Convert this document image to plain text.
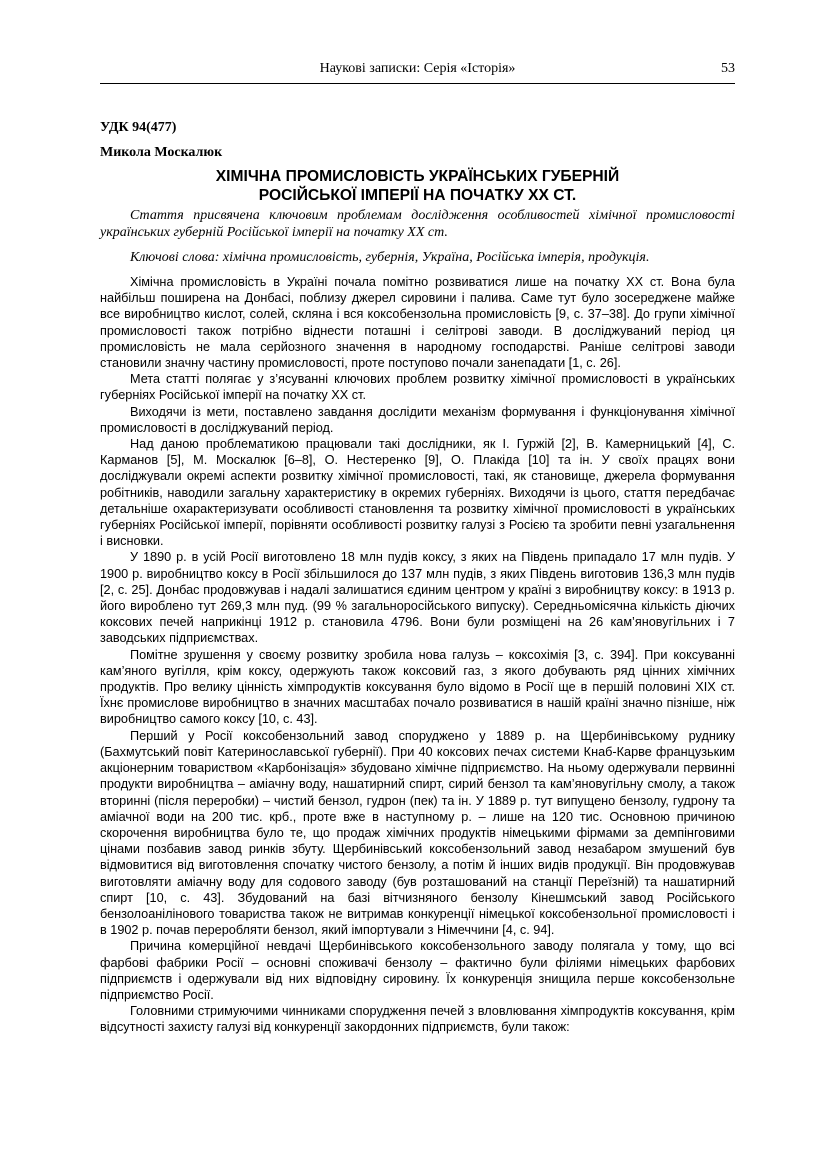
Наукові записки: Серія «Історія»	53
УДК 94(477)
Микола Москалюк
ХІМІЧНА ПРОМИСЛОВІСТЬ УКРАЇНСЬКИХ ГУБЕРНІЙ
РОСІЙСЬКОЇ ІМПЕРІЇ НА ПОЧАТКУ ХХ СТ.

Стаття присвячена ключовим проблемам дослідження особливостей хімічної промисловості українських губерній Російської імперії на початку ХХ ст.

Ключові слова: хімічна промисловість, губернія, Україна, Російська імперія, продукція.

Хімічна промисловість в Україні почала помітно розвиватися лише на початку ХХ ст. Вона була найбільш поширена на Донбасі, поблизу джерел сировини і палива. Саме тут було зосереджене майже все виробництво кислот, солей, скляна і вся коксобензольна промисловість [9, с. 37–38]. До групи хімічної промисловості також потрібно віднести поташні і селітрові заводи. В досліджуваний період ця промисловість не мала серйозного значення в народному господарстві. Раніше селітрові заводи становили значну частину промисловості, проте поступово почали занепадати [1, с. 26].

Мета статті полягає у з’ясуванні ключових проблем розвитку хімічної промисловості в українських губерніях Російської імперії на початку ХХ ст.

Виходячи із мети, поставлено завдання дослідити механізм формування і функціонування хімічної промисловості в досліджуваний період.

Над даною проблематикою працювали такі дослідники, як І. Гуржій [2], В. Камерницький [4], С. Карманов [5], М. Москалюк [6–8], О. Нестеренко [9], О. Плакіда [10] та ін. У своїх працях вони досліджували окремі аспекти розвитку хімічної промисловості, такі, як становище, джерела формування робітників, наводили загальну характеристику в окремих губерніях. Виходячи із цього, стаття передбачає детальніше охарактеризувати особливості становлення та розвитку хімічної промисловості в українських губерніях Російської імперії, порівняти особливості розвитку галузі з Росією та зробити певні узагальнення і висновки.

У 1890 р. в усій Росії виготовлено 18 млн пудів коксу, з яких на Південь припадало 17 млн пудів. У 1900 р. виробництво коксу в Росії збільшилося до 137 млн пудів, з яких Південь виготовив 136,3 млн пудів [2, с. 25]. Донбас продовжував і надалі залишатися єдиним центром у країні з виробництву коксу: в 1913 р. його вироблено тут 269,3 млн пуд. (99 % загальноросійського випуску). Середньомісячна кількість діючих коксових печей наприкінці 1912 р. становила 4796. Вони були розміщені на 26 кам’яновугільних і 7 заводських підприємствах.

Помітне зрушення у своєму розвитку зробила нова галузь – коксохімія [3, с. 394]. При коксуванні кам’яного вугілля, крім коксу, одержують також коксовий газ, з якого добувають ряд цінних хімічних продуктів. Про велику цінність хімпродуктів коксування було відомо в Росії ще в першій половині ХІХ ст. Їхнє промислове виробництво в значних масштабах почало розвиватися в нашій країні значно пізніше, ніж виробництво самого коксу [10, с. 43].

Перший у Росії коксобензольний завод споруджено у 1889 р. на Щербинівському руднику (Бахмутський повіт Катеринославської губернії). При 40 коксових печах системи Кнаб-Карве французьким акціонерним товариством «Карбонізація» збудовано хімічне підприємство. На ньому одержували первинні продукти виробництва – аміачну воду, нашатирний спирт, сирий бензол та кам’яновугільну смолу, а також вторинні (після переробки) – чистий бензол, гудрон (пек) та ін. У 1889 р. тут випущено бензолу, гудрону та аміачної води на 200 тис. крб., проте вже в наступному р. – лише на 120 тис. Основною причиною скорочення виробництва було те, що продаж хімічних продуктів німецькими фірмами за демпінговими цінами позбавив завод ринків збуту. Щербинівський коксобензольний завод незабаром змушений був відмовитися від виготовлення спочатку чистого бензолу, а потім й інших видів продукції. Він продовжував виготовляти аміачну воду для содового заводу (був розташований на станції Переїзній) та нашатирний спирт [10, с. 43]. Збудований на базі вітчизняного бензолу Кінешмський завод Російського бензолоанілінового товариства також не витримав конкуренції німецької коксобензольної промисловості і в 1902 р. почав переробляти бензол, який імпортували з Німеччини [4, с. 94].

Причина комерційної невдачі Щербинівського коксобензольного заводу полягала у тому, що всі фарбові фабрики Росії – основні споживачі бензолу – фактично були філіями німецьких фарбових підприємств і одержували від них відповідну сировину. Їх конкуренція знищила перше коксобензольне підприємство Росії.

Головними стримуючими чинниками спорудження печей з вловлювання хімпродуктів коксування, крім відсутності захисту галузі від конкуренції закордонних підприємств, були також:
